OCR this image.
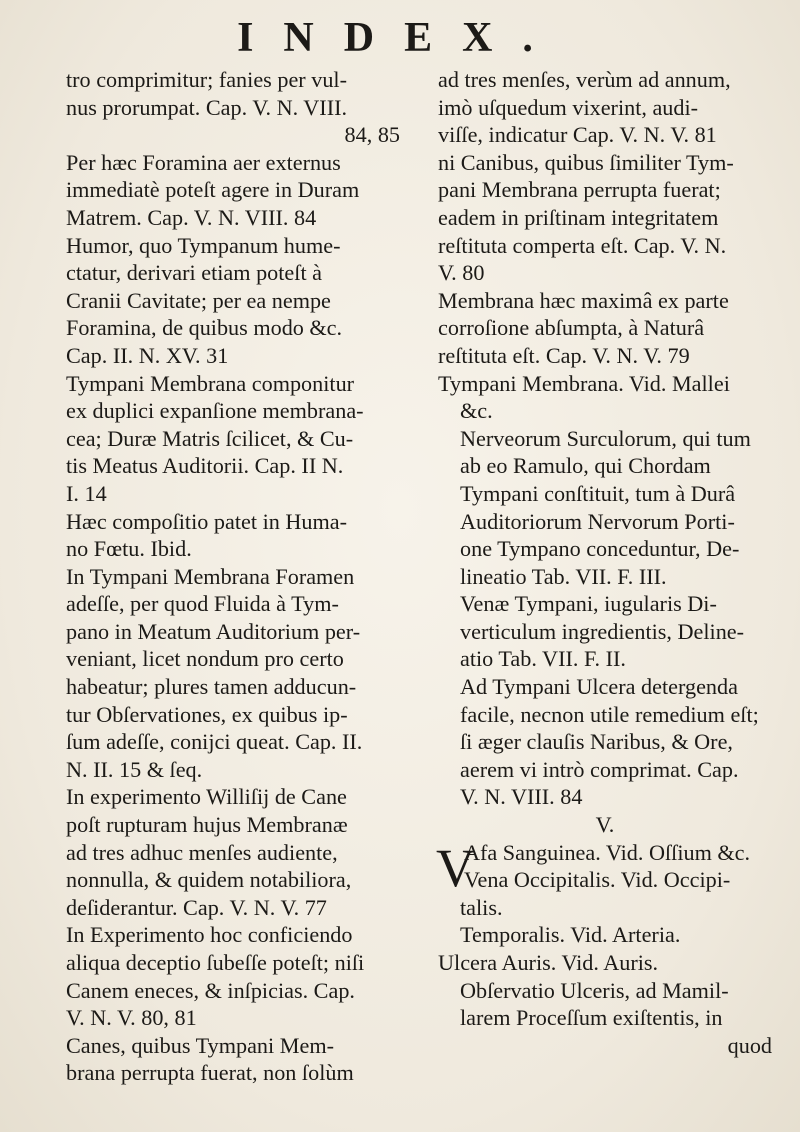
INDEX.
tro comprimitur; fanies per vul-
nus prorumpat. Cap. V. N. VIII.
84, 85
Per hæc Foramina aer externus
immediatè poteſt agere in Duram
Matrem. Cap. V. N. VIII. 84
Humor, quo Tympanum hume-
ctatur, derivari etiam poteſt à
Cranii Cavitate; per ea nempe
Foramina, de quibus modo &c.
Cap. II. N. XV. 31
Tympani Membrana componitur
ex duplici expanſione membrana-
cea; Duræ Matris ſcilicet, & Cu-
tis Meatus Auditorii. Cap. II N.
I. 14
Hæc compoſitio patet in Huma-
no Fœtu. Ibid.
In Tympani Membrana Foramen
adeſſe, per quod Fluida à Tym-
pano in Meatum Auditorium per-
veniant, licet nondum pro certo
habeatur; plures tamen adducun-
tur Obſervationes, ex quibus ip-
ſum adeſſe, conijci queat. Cap. II.
N. II. 15 & ſeq.
In experimento Williſij de Cane
poſt rupturam hujus Membranæ
ad tres adhuc menſes audiente,
nonnulla, & quidem notabiliora,
deſiderantur. Cap. V. N. V. 77
In Experimento hoc conficiendo
aliqua deceptio ſubeſſe poteſt; niſi
Canem eneces, & inſpicias. Cap.
V. N. V. 80, 81
Canes, quibus Tympani Mem-
brana perrupta fuerat, non ſolùm
ad tres menſes, verùm ad annum,
imò uſquedum vixerint, audi-
viſſe, indicatur Cap. V. N. V. 81
ni Canibus, quibus ſimiliter Tym-
pani Membrana perrupta fuerat;
eadem in priſtinam integritatem
reſtituta comperta eſt. Cap. V. N.
V. 80
Membrana hæc maximâ ex parte
corroſione abſumpta, à Naturâ
reſtituta eſt. Cap. V. N. V. 79
Tympani Membrana. Vid. Mallei
&c.
Nerveorum Surculorum, qui tum
ab eo Ramulo, qui Chordam
Tympani conſtituit, tum à Durâ
Auditoriorum Nervorum Porti-
one Tympano conceduntur, De-
lineatio Tab. VII. F. III.
Venæ Tympani, iugularis Di-
verticulum ingredientis, Deline-
atio Tab. VII. F. II.
Ad Tympani Ulcera detergenda
facile, necnon utile remedium eſt;
ſi æger clauſis Naribus, & Ore,
aerem vi intrò comprimat. Cap.
V. N. VIII. 84
V.
V
Afa Sanguinea. Vid. Oſſium &c.
Vena Occipitalis. Vid. Occipi-
talis.
Temporalis. Vid. Arteria.
Ulcera Auris. Vid. Auris.
Obſervatio Ulceris, ad Mamil-
larem Proceſſum exiſtentis, in
quod
